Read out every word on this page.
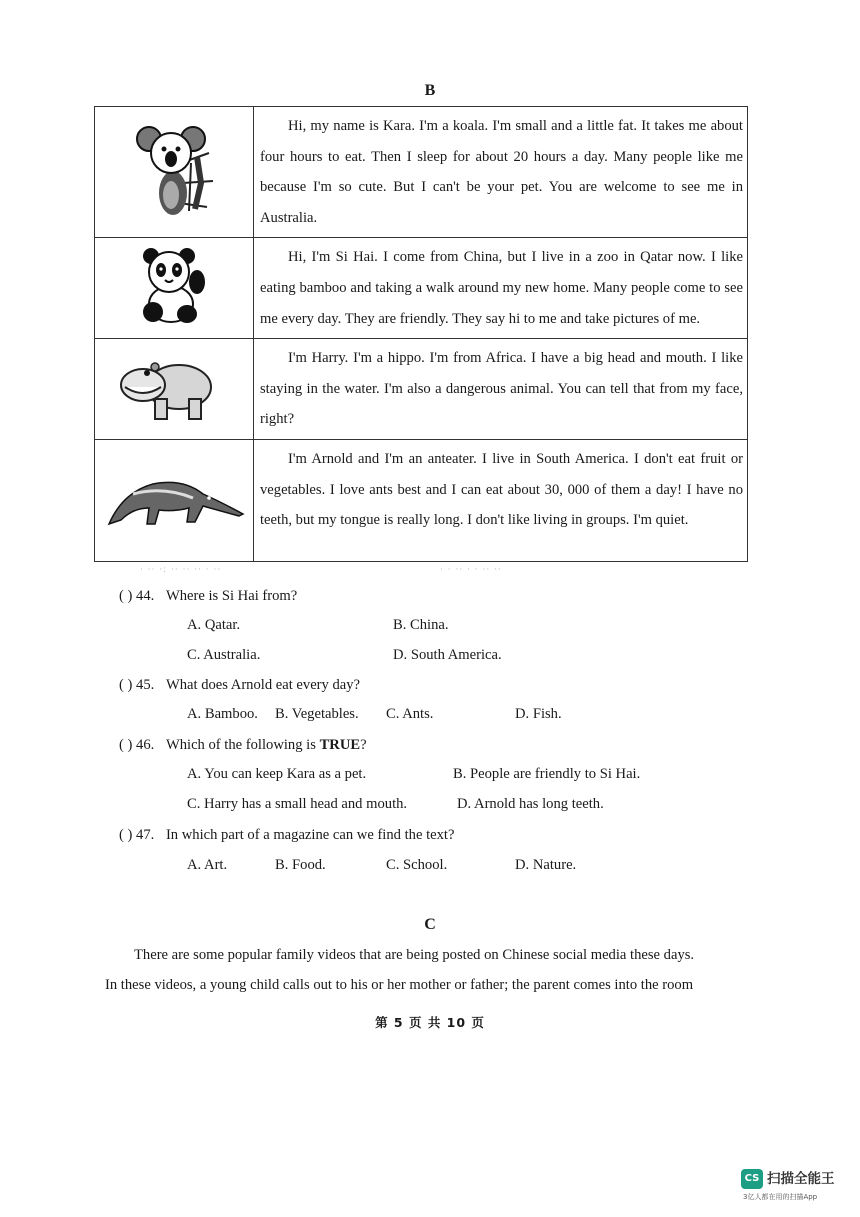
B

Hi, my name is Kara. I'm a koala. I'm small and a little fat. It takes me about four hours to eat. Then I sleep for about 20 hours a day. Many people like me because I'm so cute. But I can't be your pet. You are welcome to see me in Australia.

Hi, I'm Si Hai. I come from China, but I live in a zoo in Qatar now. I like eating bamboo and taking a walk around my new home. Many people come to see me every day. They are friendly. They say hi to me and take pictures of me.

I'm Harry. I'm a hippo. I'm from Africa. I have a big head and mouth. I like staying in the water. I'm also a dangerous animal. You can tell that from my face, right?

I'm Arnold and I'm an anteater. I live in South America. I don't eat fruit or vegetables. I love ants best and I can eat about 30, 000 of them a day! I have no teeth, but my tongue is really long. I don't like living in groups. I'm quiet.

· ·· ·: ·· ·· ·· · ··	· · ·· · · ·· ··
( ) 44. Where is Si Hai from?
A. Qatar.	B. China.
C. Australia.	D. South America.
( ) 45. What does Arnold eat every day?
A. Bamboo. B. Vegetables. C. Ants.	D. Fish.
( ) 46. Which of the following is TRUE?
A. You can keep Kara as a pet.	B. People are friendly to Si Hai.
C. Harry has a small head and mouth.	D. Arnold has long teeth.
( ) 47. In which part of a magazine can we find the text?
A. Art.	B. Food.	C. School.	D. Nature.
C
There are some popular family videos that are being posted on Chinese social media these days.
In these videos, a young child calls out to his or her mother or father; the parent comes into the room
第 5 页 共 10 页
CS 扫描全能王
3亿人都在用的扫描App
